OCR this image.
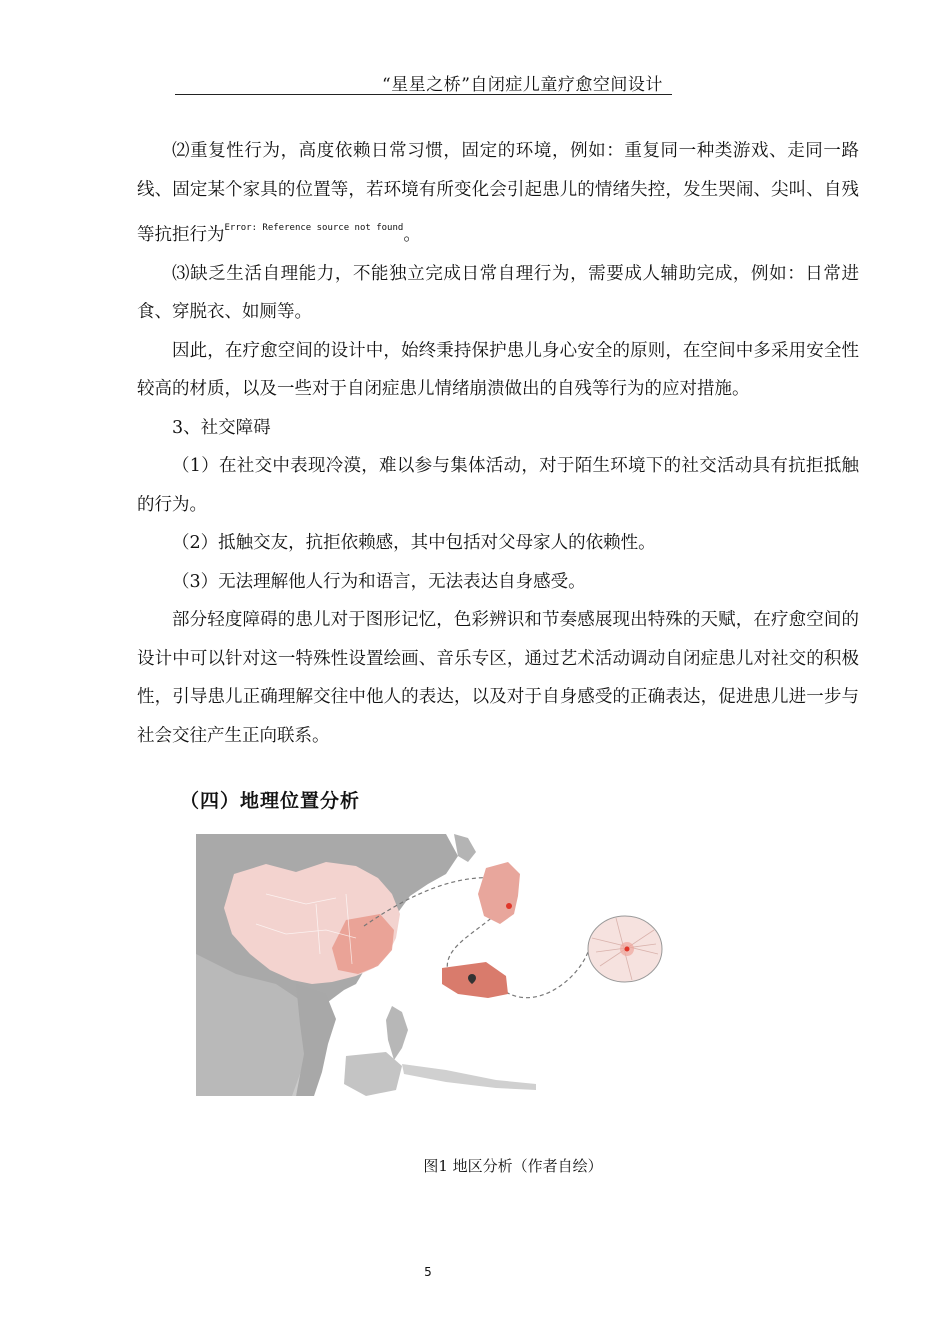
“星星之桥”自闭症儿童疗愈空间设计

⑵重复性行为，高度依赖日常习惯，固定的环境，例如：重复同一种类游戏、走同一路线、固定某个家具的位置等，若环境有所变化会引起患儿的情绪失控，发生哭闹、尖叫、自残等抗拒行为$^{Error: Reference source not found}$。

⑶缺乏生活自理能力，不能独立完成日常自理行为，需要成人辅助完成，例如：日常进食、穿脱衣、如厕等。

因此，在疗愈空间的设计中，始终秉持保护患儿身心安全的原则，在空间中多采用安全性较高的材质，以及一些对于自闭症患儿情绪崩溃做出的自残等行为的应对措施。

3、社交障碍

（1）在社交中表现冷漠，难以参与集体活动，对于陌生环境下的社交活动具有抗拒抵触的行为。

（2）抵触交友，抗拒依赖感，其中包括对父母家人的依赖性。

（3）无法理解他人行为和语言，无法表达自身感受。

部分轻度障碍的患儿对于图形记忆，色彩辨识和节奏感展现出特殊的天赋，在疗愈空间的设计中可以针对这一特殊性设置绘画、音乐专区，通过艺术活动调动自闭症患儿对社交的积极性，引导患儿正确理解交往中他人的表达，以及对于自身感受的正确表达，促进患儿进一步与社会交往产生正向联系。

（四）地理位置分析
图1 地区分析（作者自绘）
5
